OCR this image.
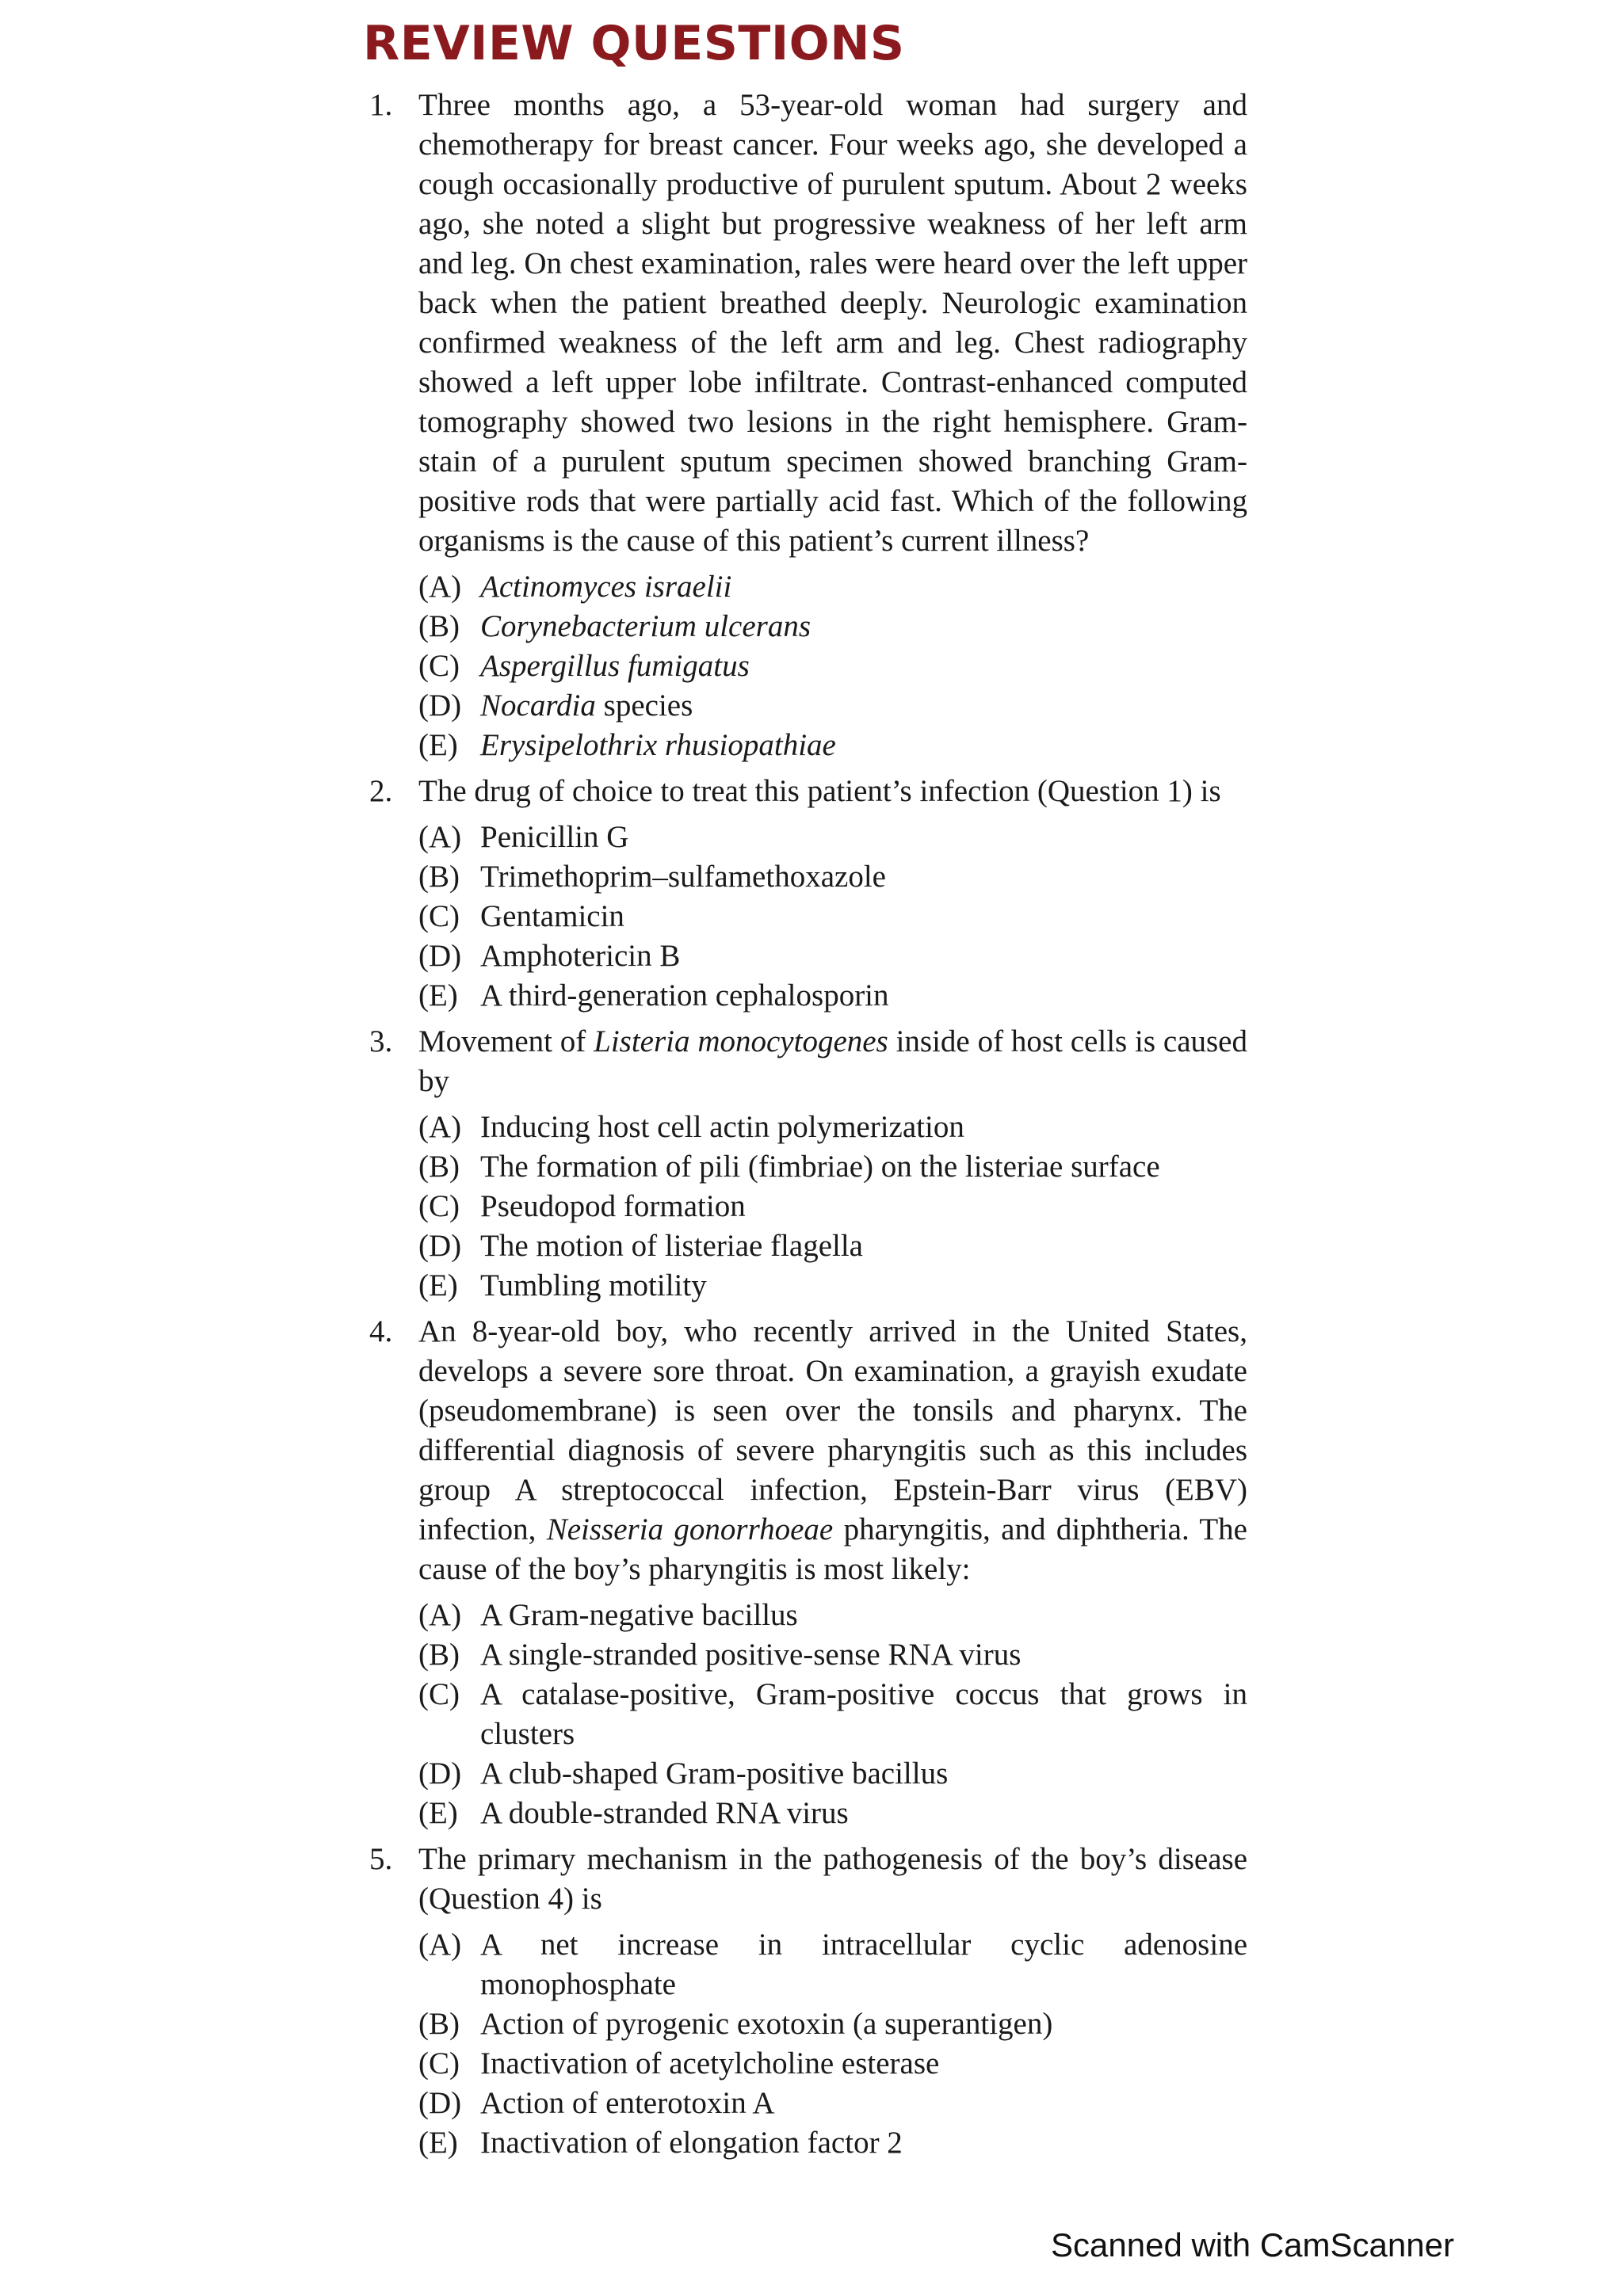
REVIEW QUESTIONS
1. Three months ago, a 53-year-old woman had surgery and chemotherapy for breast cancer. Four weeks ago, she developed a cough occasionally productive of purulent sputum. About 2 weeks ago, she noted a slight but progressive weakness of her left arm and leg. On chest examination, rales were heard over the left upper back when the patient breathed deeply. Neurologic examination confirmed weakness of the left arm and leg. Chest radiography showed a left upper lobe infiltrate. Contrast-enhanced computed tomography showed two lesions in the right hemisphere. Gram-stain of a purulent sputum specimen showed branching Gram-positive rods that were partially acid fast. Which of the following organisms is the cause of this patient’s current illness?
(A) Actinomyces israelii
(B) Corynebacterium ulcerans
(C) Aspergillus fumigatus
(D) Nocardia species
(E) Erysipelothrix rhusiopathiae
2. The drug of choice to treat this patient’s infection (Question 1) is
(A) Penicillin G
(B) Trimethoprim–sulfamethoxazole
(C) Gentamicin
(D) Amphotericin B
(E) A third-generation cephalosporin
3. Movement of Listeria monocytogenes inside of host cells is caused by
(A) Inducing host cell actin polymerization
(B) The formation of pili (fimbriae) on the listeriae surface
(C) Pseudopod formation
(D) The motion of listeriae flagella
(E) Tumbling motility
4. An 8-year-old boy, who recently arrived in the United States, develops a severe sore throat. On examination, a grayish exudate (pseudomembrane) is seen over the tonsils and pharynx. The differential diagnosis of severe pharyngitis such as this includes group A streptococcal infection, Epstein-Barr virus (EBV) infection, Neisseria gonorrhoeae pharyngitis, and diphtheria. The cause of the boy’s pharyngitis is most likely:
(A) A Gram-negative bacillus
(B) A single-stranded positive-sense RNA virus
(C) A catalase-positive, Gram-positive coccus that grows in clusters
(D) A club-shaped Gram-positive bacillus
(E) A double-stranded RNA virus
5. The primary mechanism in the pathogenesis of the boy’s disease (Question 4) is
(A) A net increase in intracellular cyclic adenosine monophosphate
(B) Action of pyrogenic exotoxin (a superantigen)
(C) Inactivation of acetylcholine esterase
(D) Action of enterotoxin A
(E) Inactivation of elongation factor 2
Scanned with CamScanner
